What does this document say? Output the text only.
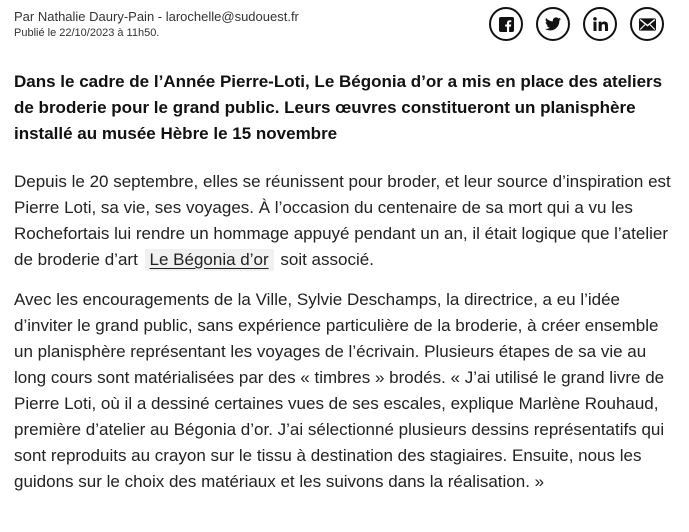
Par Nathalie Daury-Pain - larochelle@sudouest.fr
Publié le 22/10/2023 à 11h50.

Dans le cadre de l’Année Pierre-Loti, Le Bégonia d’or a mis en place des ateliers de broderie pour le grand public. Leurs œuvres constitueront un planisphère installé au musée Hèbre le 15 novembre

Depuis le 20 septembre, elles se réunissent pour broder, et leur source d’inspiration est Pierre Loti, sa vie, ses voyages. À l’occasion du centenaire de sa mort qui a vu les Rochefortais lui rendre un hommage appuyé pendant un an, il était logique que l’atelier de broderie d’art Le Bégonia d’or soit associé.

Avec les encouragements de la Ville, Sylvie Deschamps, la directrice, a eu l’idée d’inviter le grand public, sans expérience particulière de la broderie, à créer ensemble un planisphère représentant les voyages de l’écrivain. Plusieurs étapes de sa vie au long cours sont matérialisées par des « timbres » brodés. « J’ai utilisé le grand livre de Pierre Loti, où il a dessiné certaines vues de ses escales, explique Marlène Rouhaud, première d’atelier au Bégonia d’or. J’ai sélectionné plusieurs dessins représentatifs qui sont reproduits au crayon sur le tissu à destination des stagiaires. Ensuite, nous les guidons sur le choix des matériaux et les suivons dans la réalisation. »
